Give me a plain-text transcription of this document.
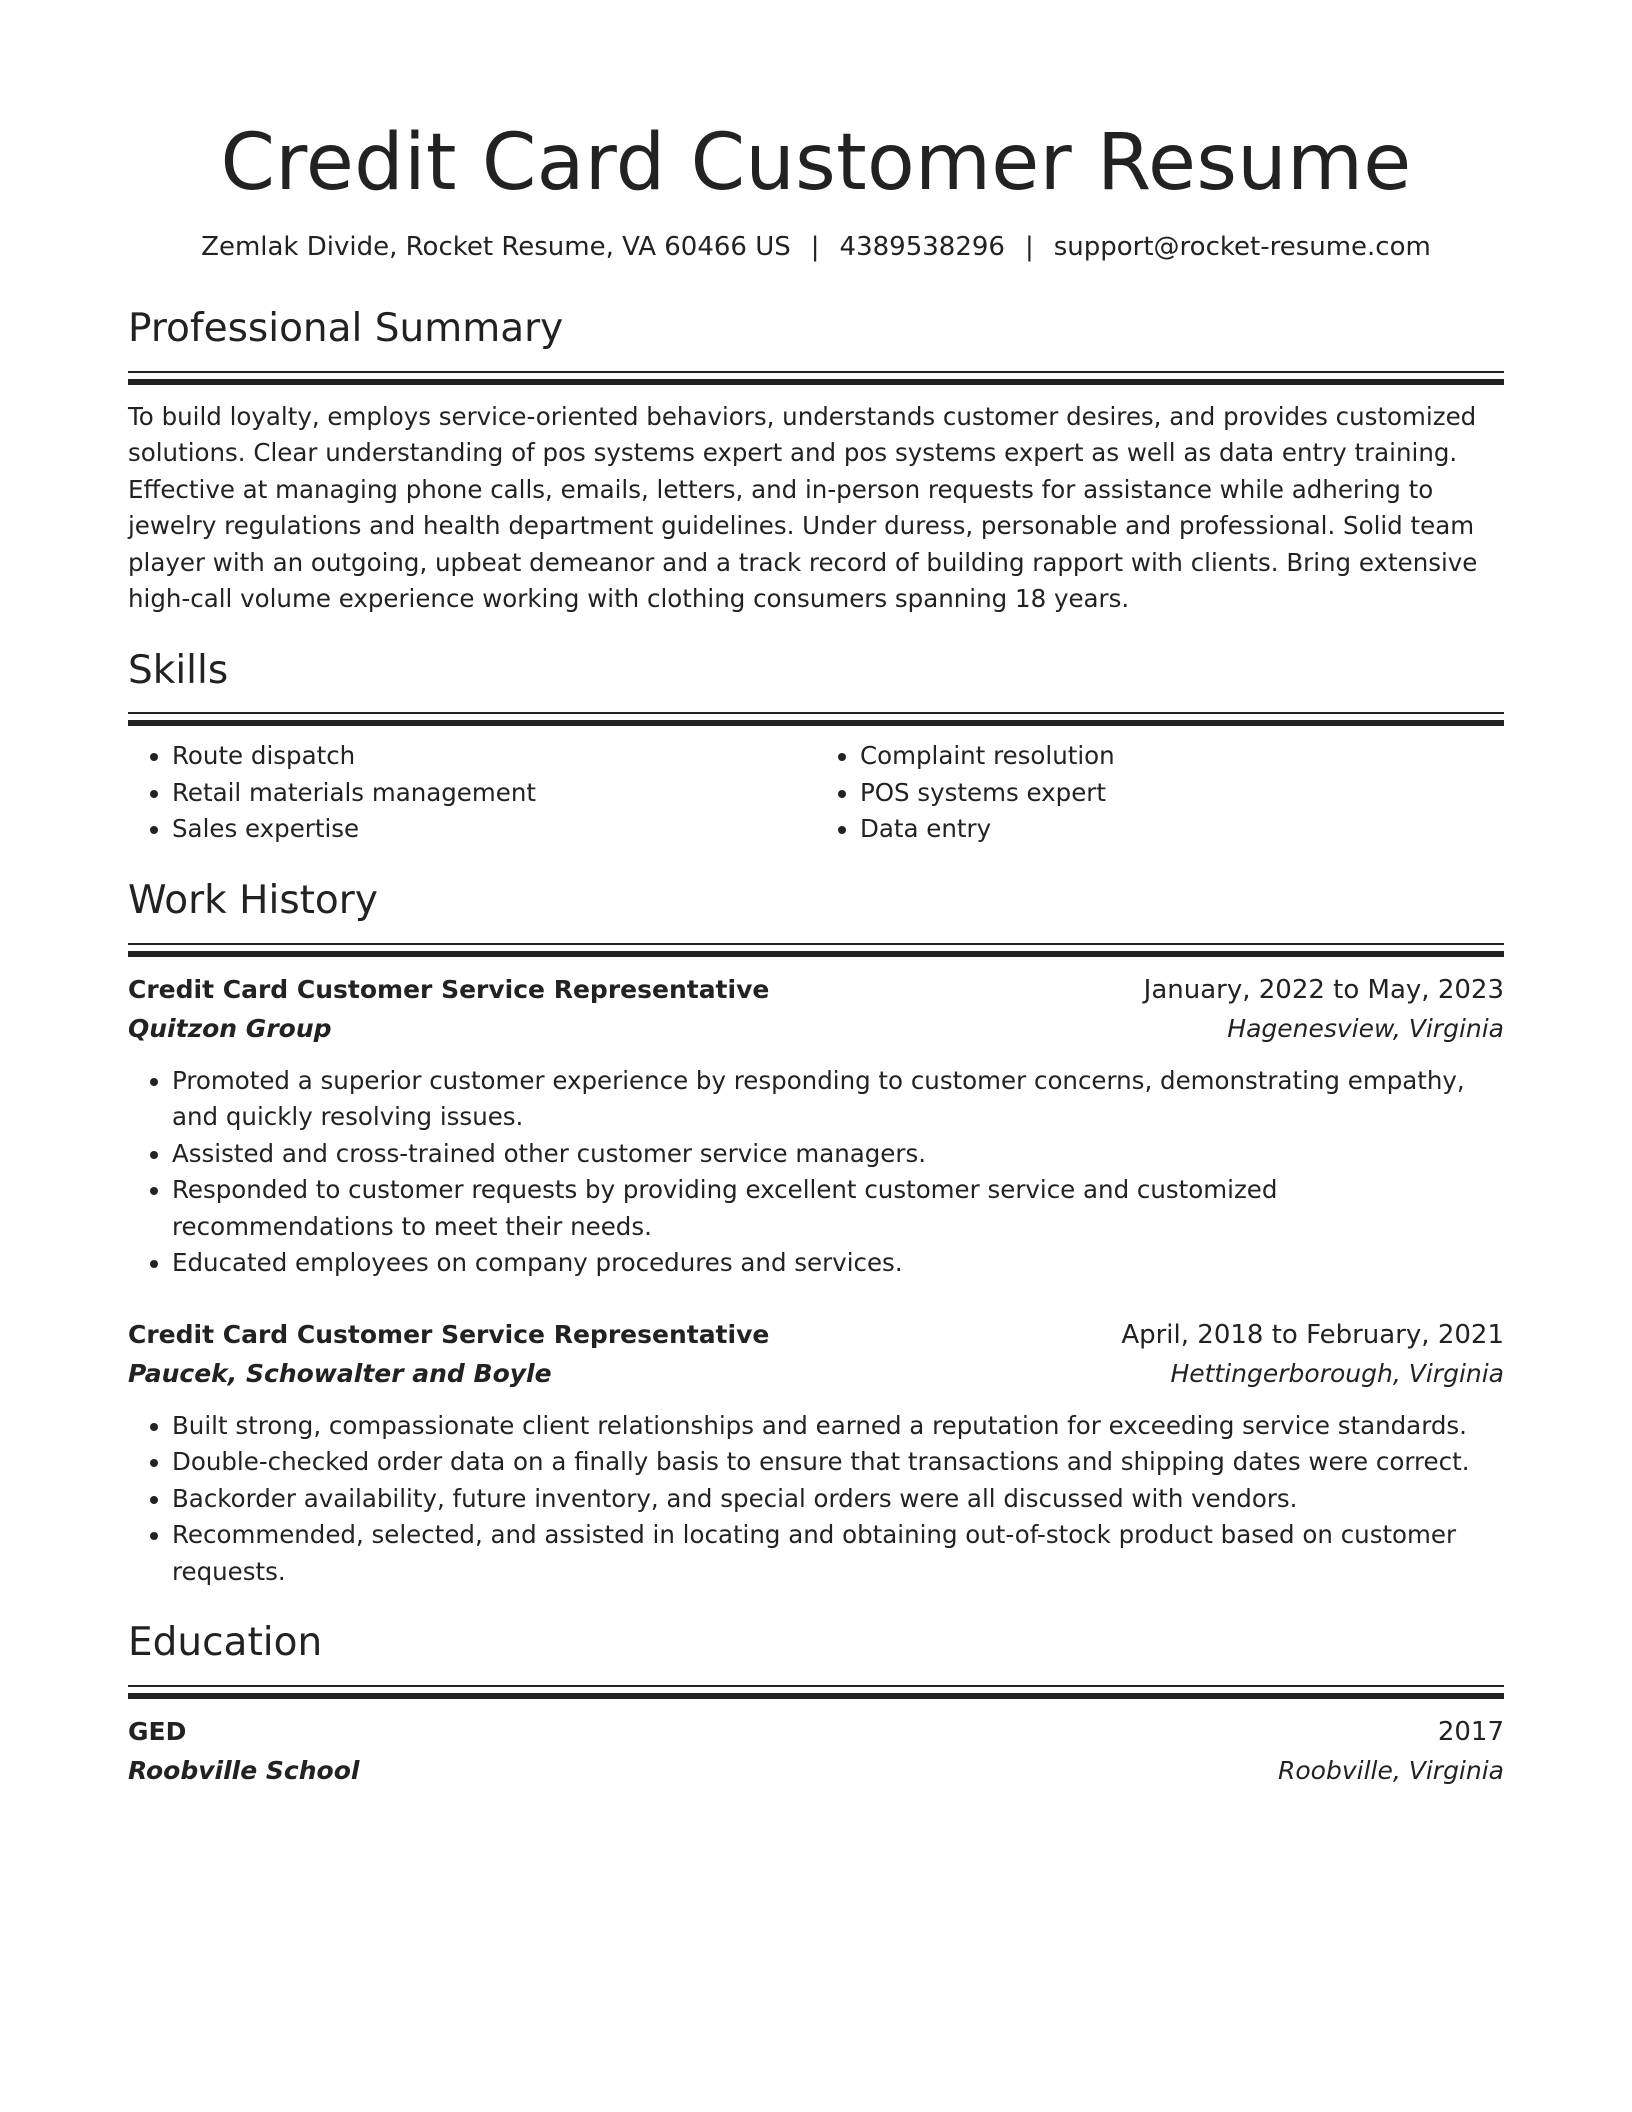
Credit Card Customer Resume
Zemlak Divide, Rocket Resume, VA 60466 US | 4389538296 | support@rocket-resume.com
Professional Summary

To build loyalty, employs service-oriented behaviors, understands customer desires, and provides customized solutions. Clear understanding of pos systems expert and pos systems expert as well as data entry training. Effective at managing phone calls, emails, letters, and in-person requests for assistance while adhering to jewelry regulations and health department guidelines. Under duress, personable and professional. Solid team player with an outgoing, upbeat demeanor and a track record of building rapport with clients. Bring extensive high-call volume experience working with clothing consumers spanning 18 years.

Skills
• Route dispatch
• Retail materials management
• Sales expertise
• Complaint resolution
• POS systems expert
• Data entry
Work History
Credit Card Customer Service Representative	January, 2022 to May, 2023
Quitzon Group	Hagenesview, Virginia
• Promoted a superior customer experience by responding to customer concerns, demonstrating empathy, and quickly resolving issues.
• Assisted and cross-trained other customer service managers.
• Responded to customer requests by providing excellent customer service and customized recommendations to meet their needs.
• Educated employees on company procedures and services.
Credit Card Customer Service Representative	April, 2018 to February, 2021
Paucek, Schowalter and Boyle	Hettingerborough, Virginia
• Built strong, compassionate client relationships and earned a reputation for exceeding service standards.
• Double-checked order data on a finally basis to ensure that transactions and shipping dates were correct.
• Backorder availability, future inventory, and special orders were all discussed with vendors.
• Recommended, selected, and assisted in locating and obtaining out-of-stock product based on customer requests.
Education
GED	2017
Roobville School	Roobville, Virginia
